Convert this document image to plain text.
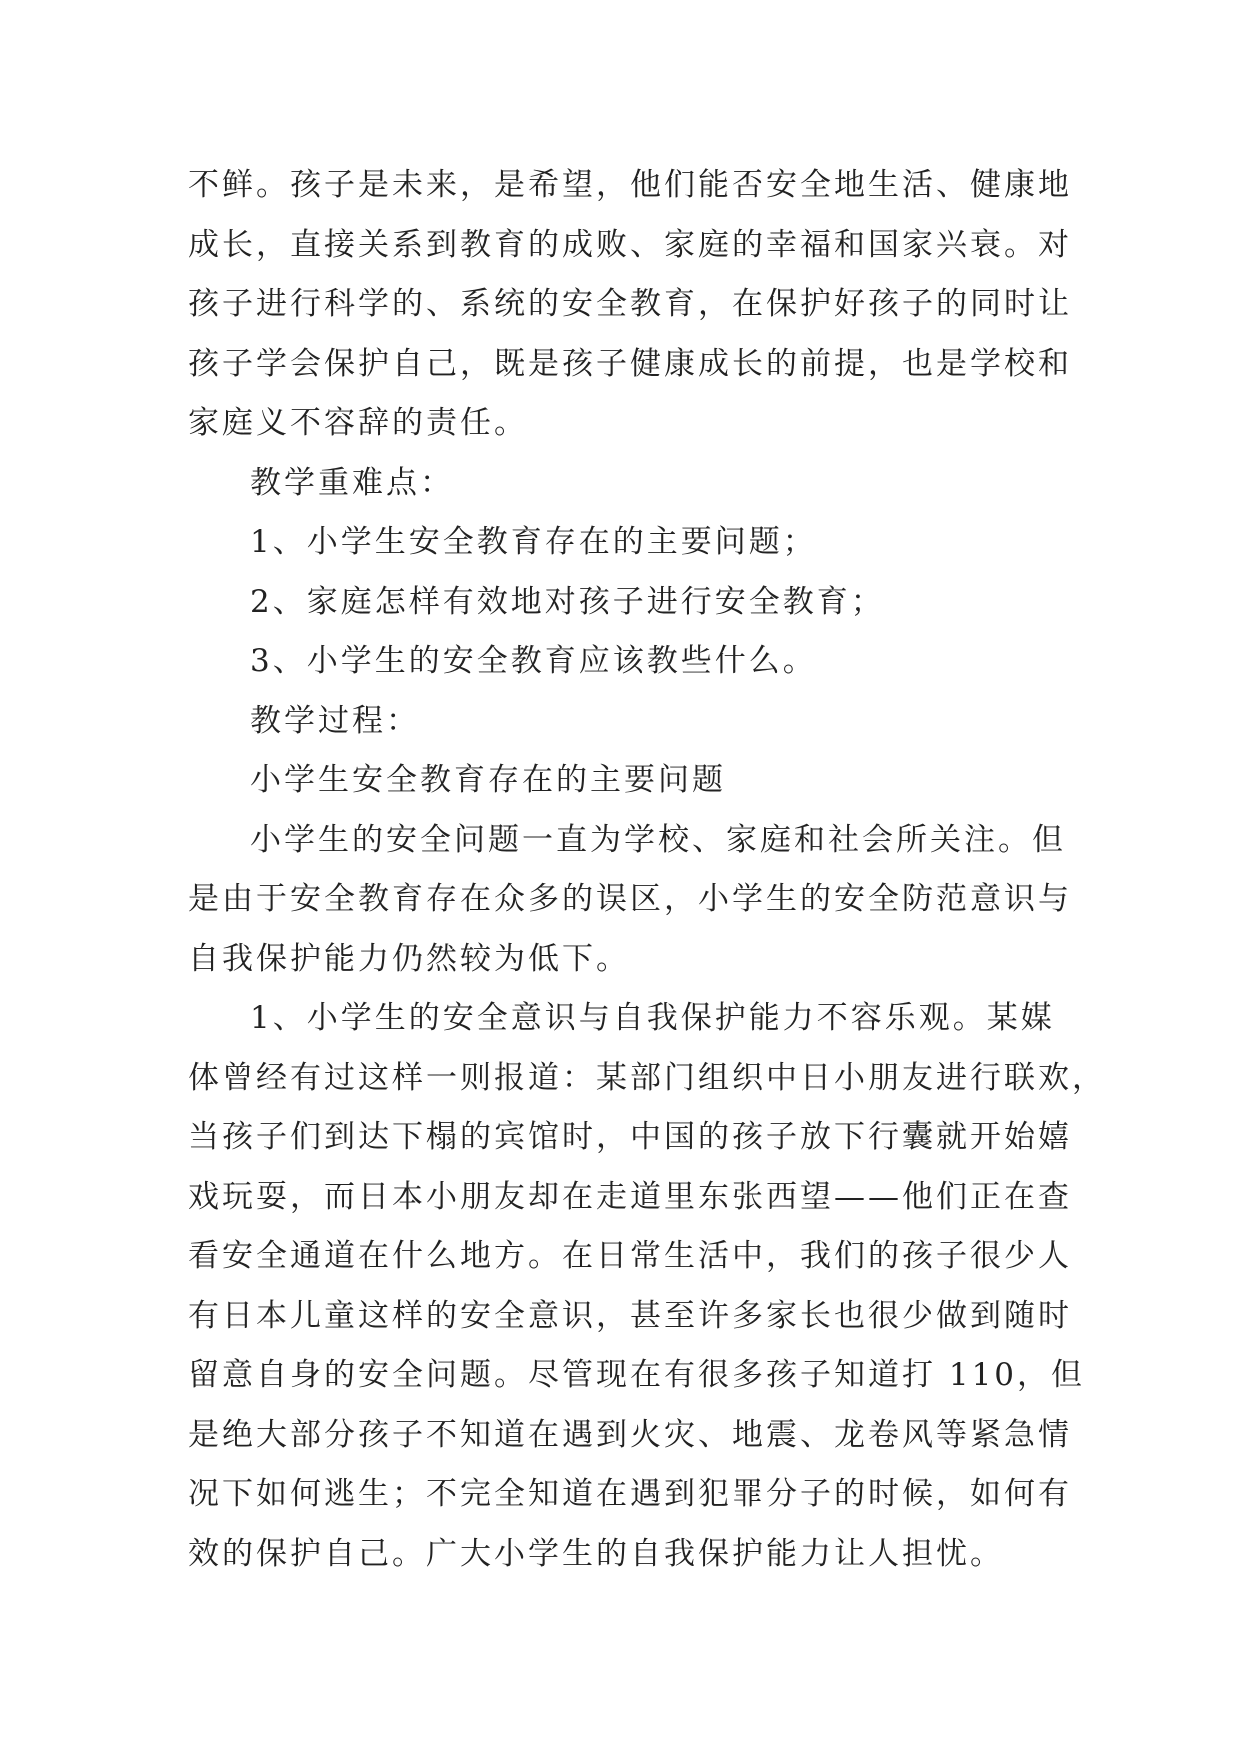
不鲜。孩子是未来，是希望，他们能否安全地生活、健康地
成长，直接关系到教育的成败、家庭的幸福和国家兴衰。对
孩子进行科学的、系统的安全教育，在保护好孩子的同时让
孩子学会保护自己，既是孩子健康成长的前提，也是学校和
家庭义不容辞的责任。
教学重难点：
1、小学生安全教育存在的主要问题；
2、家庭怎样有效地对孩子进行安全教育；
3、小学生的安全教育应该教些什么。
教学过程：
小学生安全教育存在的主要问题
小学生的安全问题一直为学校、家庭和社会所关注。但
是由于安全教育存在众多的误区，小学生的安全防范意识与
自我保护能力仍然较为低下。
1、小学生的安全意识与自我保护能力不容乐观。某媒
体曾经有过这样一则报道：某部门组织中日小朋友进行联欢，
当孩子们到达下榻的宾馆时，中国的孩子放下行囊就开始嬉
戏玩耍，而日本小朋友却在走道里东张西望——他们正在查
看安全通道在什么地方。在日常生活中，我们的孩子很少人
有日本儿童这样的安全意识，甚至许多家长也很少做到随时
留意自身的安全问题。尽管现在有很多孩子知道打 110，但
是绝大部分孩子不知道在遇到火灾、地震、龙卷风等紧急情
况下如何逃生；不完全知道在遇到犯罪分子的时候，如何有
效的保护自己。广大小学生的自我保护能力让人担忧。
